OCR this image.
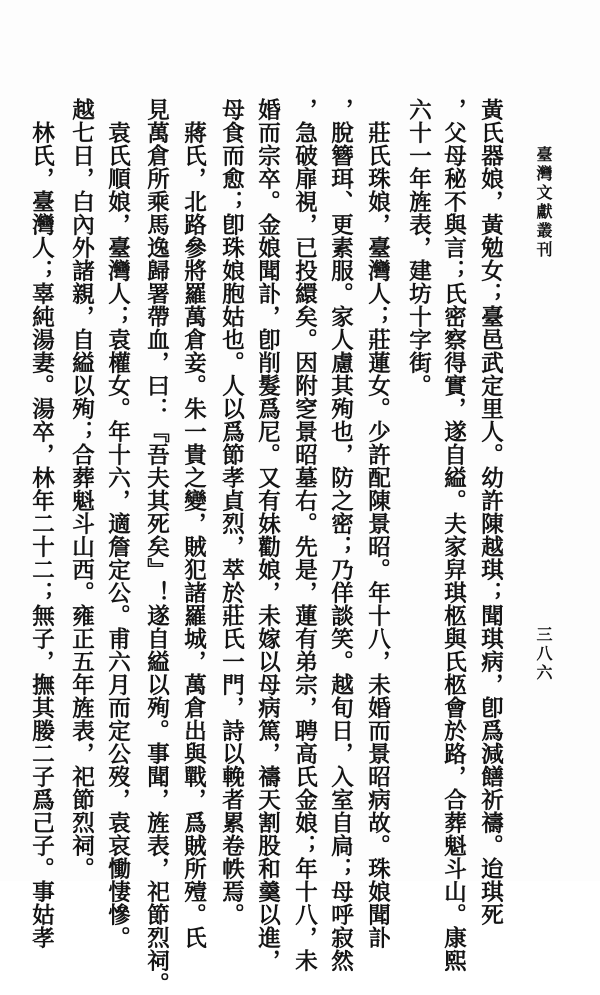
臺灣文獻叢刊
三八六
黃氏器娘，黃勉女；臺邑武定里人。幼許陳越琪；聞琪病，卽爲減饍祈禱。迨琪死
，父母秘不與言；氏密察得實，遂自縊。夫家舁琪柩與氏柩會於路，合葬魁斗山。康熙
六十一年旌表，建坊十字街。
莊氏珠娘，臺灣人；莊蓮女。少許配陳景昭。年十八，未婚而景昭病故。珠娘聞訃
，脫簪珥、更素服。家人慮其殉也，防之密；乃佯談笑。越旬日，入室自扃；母呼寂然
，急破扉視，已投繯矣。因附窆景昭墓右。先是，蓮有弟宗，聘高氏金娘；年十八，未
婚而宗卒。金娘聞訃，卽削髮爲尼。又有妹勸娘，未嫁以母病篤，禱天割股和羹以進，
母食而愈；卽珠娘胞姑也。人以爲節孝貞烈，萃於莊氏一門，詩以輓者累卷帙焉。
蔣氏，北路參將羅萬倉妾。朱一貴之變，賊犯諸羅城，萬倉出與戰，爲賊所殪。氏
見萬倉所乘馬逸歸署帶血，曰：『吾夫其死矣』！遂自縊以殉。事聞，旌表，祀節烈祠。
袁氏順娘，臺灣人；袁權女。年十六，適詹定公。甫六月而定公歿，袁哀慟悽慘。
越七日，白內外諸親，自縊以殉；合葬魁斗山西。雍正五年旌表，祀節烈祠。
林氏，臺灣人；辜純湯妻。湯卒，林年二十二；無子，撫其媵二子爲己子。事姑孝
